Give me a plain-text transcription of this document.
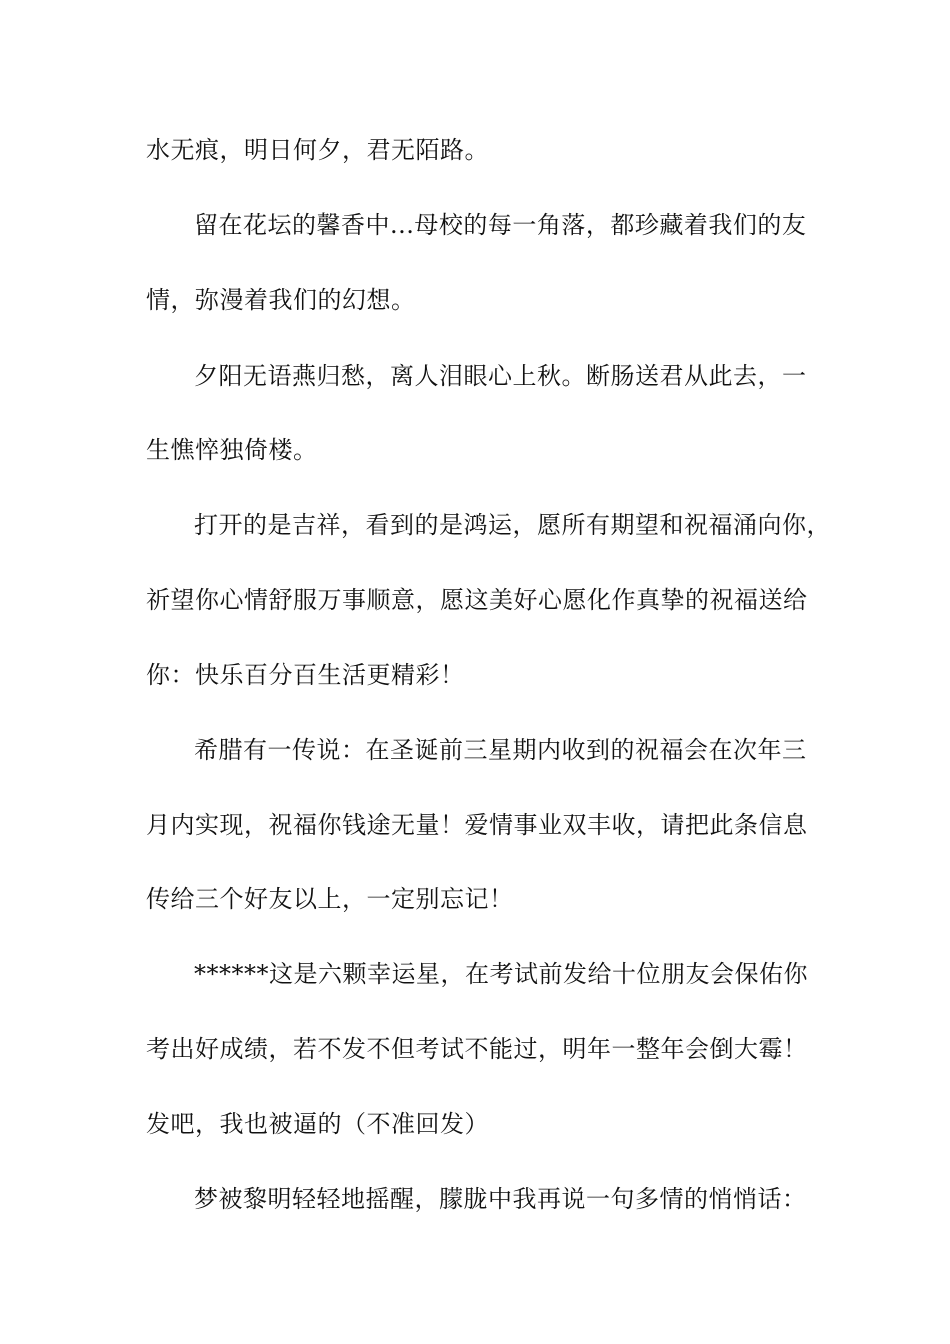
水无痕，明日何夕，君无陌路。
留在花坛的馨香中...母校的每一角落，都珍藏着我们的友
情，弥漫着我们的幻想。
夕阳无语燕归愁，离人泪眼心上秋。断肠送君从此去，一
生憔悴独倚楼。
打开的是吉祥，看到的是鸿运，愿所有期望和祝福涌向你，
祈望你心情舒服万事顺意，愿这美好心愿化作真挚的祝福送给
你：快乐百分百生活更精彩！
希腊有一传说：在圣诞前三星期内收到的祝福会在次年三
月内实现，祝福你钱途无量！爱情事业双丰收，请把此条信息
传给三个好友以上，一定别忘记！
******这是六颗幸运星，在考试前发给十位朋友会保佑你
考出好成绩，若不发不但考试不能过，明年一整年会倒大霉！
发吧，我也被逼的（不准回发）
梦被黎明轻轻地摇醒，朦胧中我再说一句多情的悄悄话：
